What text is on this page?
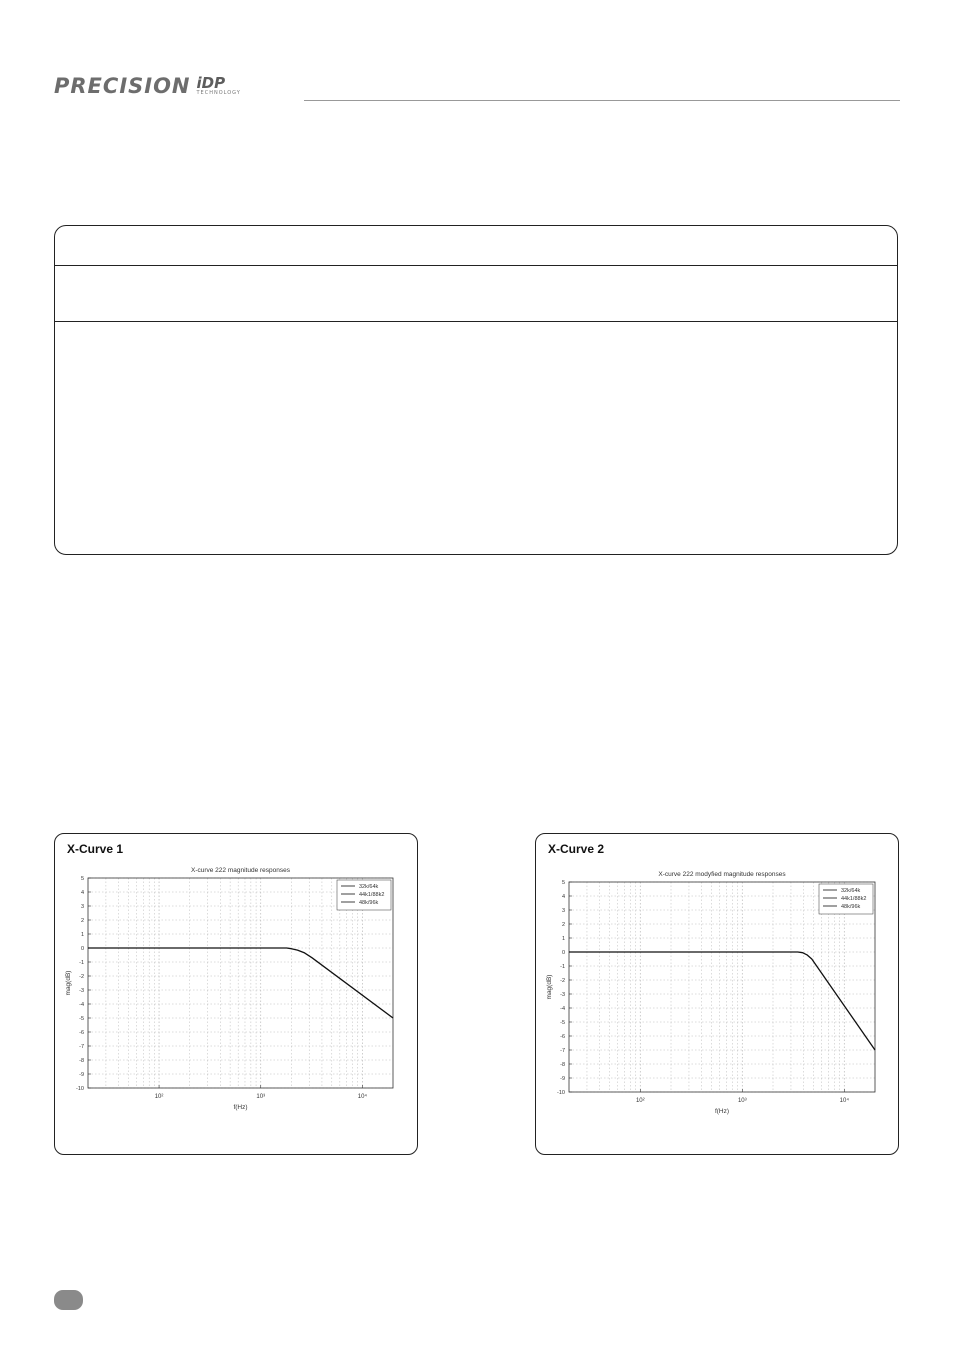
PRECISION iDP
TECHNOLOGY
X-Curve 1
5
4
3
2
1
0
-1
-2
-3
-4
-5
-6
-7
-8
-9
-10
10²	10³	10⁴
X-curve 222 magnitude responses
f(Hz)
mag(dB)
32k/64k
44k1/88k2
48k/96k
X-Curve 2
5
4
3
2
1
0
-1
-2
-3
-4
-5
-6
-7
-8
-9
-10
10²	10³	10⁴
X-curve 222 modyfied magnitude responses
f(Hz)
mag(dB)
32k/64k
44k1/88k2
48k/96k
